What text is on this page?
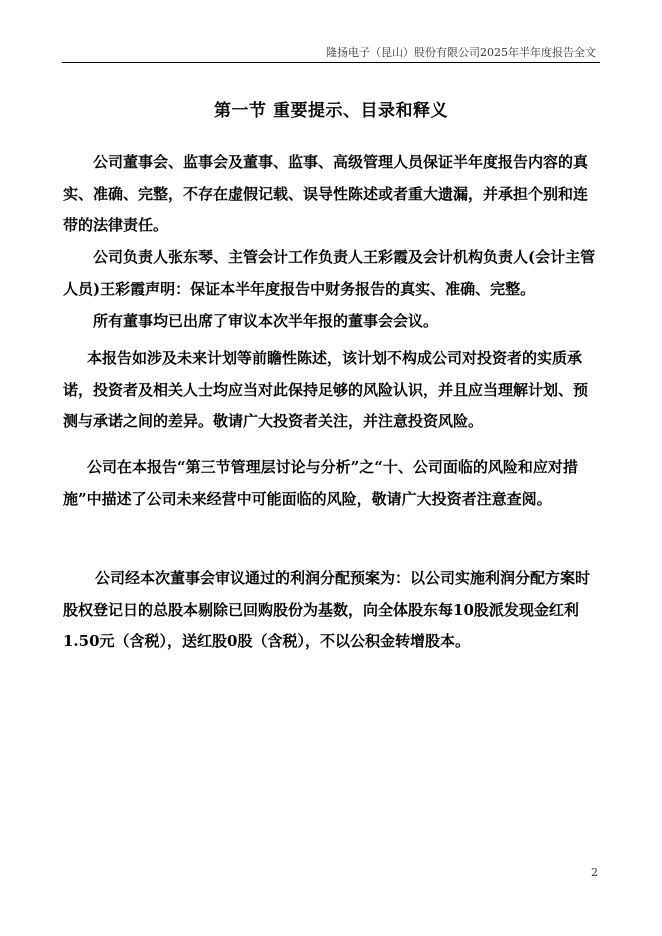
隆扬电子（昆山）股份有限公司2025年半年度报告全文
第一节 重要提示、目录和释义

公司董事会、监事会及董事、监事、高级管理人员保证半年度报告内容的真实、准确、完整，不存在虚假记载、误导性陈述或者重大遗漏，并承担个别和连带的法律责任。

公司负责人张东琴、主管会计工作负责人王彩霞及会计机构负责人(会计主管人员)王彩霞声明：保证本半年度报告中财务报告的真实、准确、完整。

所有董事均已出席了审议本次半年报的董事会会议。

本报告如涉及未来计划等前瞻性陈述，该计划不构成公司对投资者的实质承诺，投资者及相关人士均应当对此保持足够的风险认识，并且应当理解计划、预测与承诺之间的差异。敬请广大投资者关注，并注意投资风险。

公司在本报告“第三节管理层讨论与分析”之“十、公司面临的风险和应对措施”中描述了公司未来经营中可能面临的风险，敬请广大投资者注意查阅。

公司经本次董事会审议通过的利润分配预案为：以公司实施利润分配方案时股权登记日的总股本剔除已回购股份为基数，向全体股东每10股派发现金红利1.50元（含税），送红股0股（含税），不以公积金转增股本。

2
